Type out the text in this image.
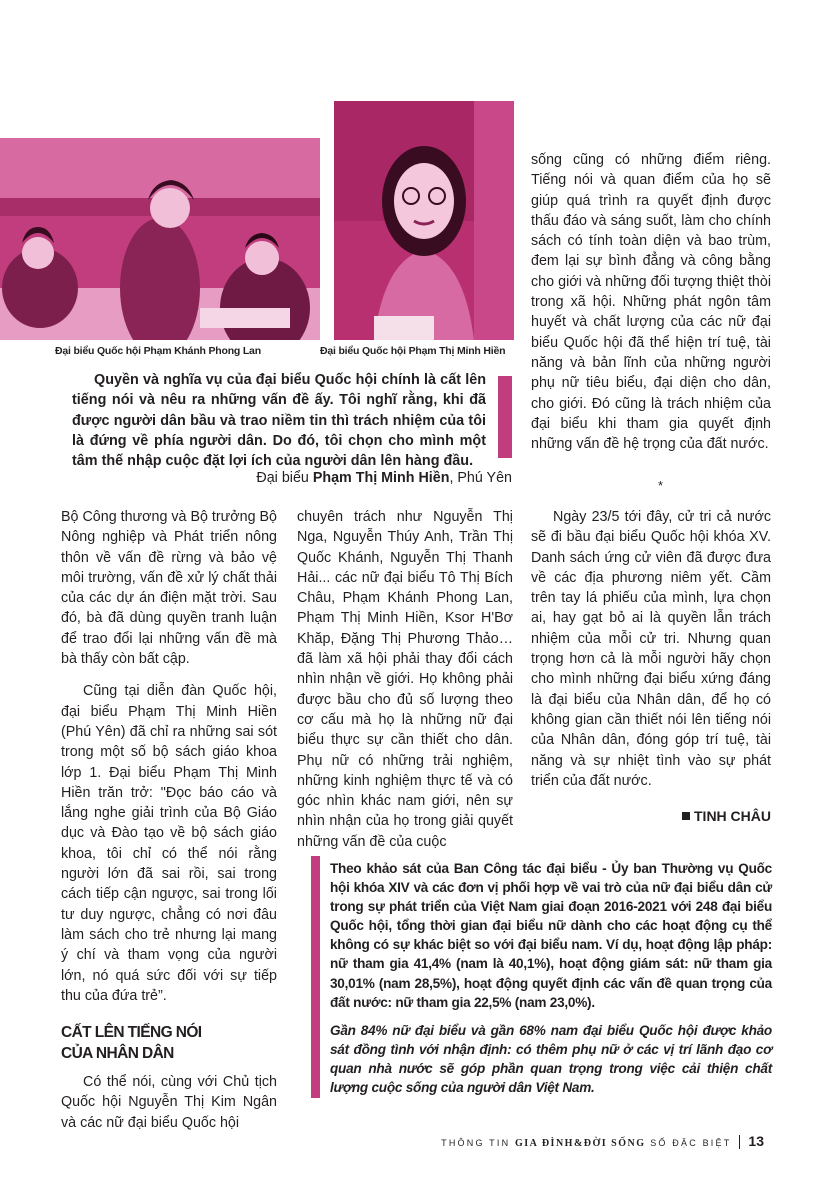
Đại biểu Quốc hội Phạm Khánh Phong Lan	Đại biểu Quốc hội Phạm Thị Minh Hiền

Quyền và nghĩa vụ của đại biểu Quốc hội chính là cất lên tiếng nói và nêu ra những vấn đề ấy. Tôi nghĩ rằng, khi đã được người dân bầu và trao niềm tin thì trách nhiệm của tôi là đứng về phía người dân. Do đó, tôi chọn cho mình một tâm thế nhập cuộc đặt lợi ích của người dân lên hàng đầu.

Đại biểu Phạm Thị Minh Hiền, Phú Yên

sống cũng có những điểm riêng. Tiếng nói và quan điểm của họ sẽ giúp quá trình ra quyết định được thấu đáo và sáng suốt, làm cho chính sách có tính toàn diện và bao trùm, đem lại sự bình đẳng và công bằng cho giới và những đối tượng thiệt thòi trong xã hội. Những phát ngôn tâm huyết và chất lượng của các nữ đại biểu Quốc hội đã thể hiện trí tuệ, tài năng và bản lĩnh của những người phụ nữ tiêu biểu, đại diện cho dân, cho giới. Đó cũng là trách nhiệm của đại biểu khi tham gia quyết định những vấn đề hệ trọng của đất nước.

*

Bộ Công thương và Bộ trưởng Bộ Nông nghiệp và Phát triển nông thôn về vấn đề rừng và bảo vệ môi trường, vấn đề xử lý chất thải của các dự án điện mặt trời. Sau đó, bà đã dùng quyền tranh luận để trao đổi lại những vấn đề mà bà thấy còn bất cập.

Cũng tại diễn đàn Quốc hội, đại biểu Phạm Thị Minh Hiền (Phú Yên) đã chỉ ra những sai sót trong một số bộ sách giáo khoa lớp 1. Đại biểu Phạm Thị Minh Hiền trăn trở: "Đọc báo cáo và lắng nghe giải trình của Bộ Giáo dục và Đào tạo về bộ sách giáo khoa, tôi chỉ có thể nói rằng người lớn đã sai rồi, sai trong cách tiếp cận ngược, sai trong lối tư duy ngược, chẳng có nơi đâu làm sách cho trẻ nhưng lại mang ý chí và tham vọng của người lớn, nó quá sức đối với sự tiếp thu của đứa trẻ”.

CẤT LÊN TIẾNG NÓI

CỦA NHÂN DÂN

Có thể nói, cùng với Chủ tịch Quốc hội Nguyễn Thị Kim Ngân và các nữ đại biểu Quốc hội

chuyên trách như Nguyễn Thị Nga, Nguyễn Thúy Anh, Trần Thị Quốc Khánh, Nguyễn Thị Thanh Hải... các nữ đại biểu Tô Thị Bích Châu, Phạm Khánh Phong Lan, Phạm Thị Minh Hiền, Ksor H'Bơ Khăp, Đặng Thị Phương Thảo… đã làm xã hội phải thay đổi cách nhìn nhận về giới. Họ không phải được bầu cho đủ số lượng theo cơ cấu mà họ là những nữ đại biểu thực sự cần thiết cho dân. Phụ nữ có những trải nghiệm, những kinh nghiệm thực tế và có góc nhìn khác nam giới, nên sự nhìn nhận của họ trong giải quyết những vấn đề của cuộc

Ngày 23/5 tới đây, cử tri cả nước sẽ đi bầu đại biểu Quốc hội khóa XV. Danh sách ứng cử viên đã được đưa về các địa phương niêm yết. Cầm trên tay lá phiếu của mình, lựa chọn ai, hay gạt bỏ ai là quyền lẫn trách nhiệm của mỗi cử tri. Nhưng quan trọng hơn cả là mỗi người hãy chọn cho mình những đại biểu xứng đáng là đại biểu của Nhân dân, để họ có không gian cần thiết nói lên tiếng nói của Nhân dân, đóng góp trí tuệ, tài năng và sự nhiệt tình vào sự phát triển của đất nước.

TINH CHÂU

Theo khảo sát của Ban Công tác đại biểu - Ủy ban Thường vụ Quốc hội khóa XIV và các đơn vị phối hợp về vai trò của nữ đại biểu dân cử trong sự phát triển của Việt Nam giai đoạn 2016-2021 với 248 đại biểu Quốc hội, tổng thời gian đại biểu nữ dành cho các hoạt động cụ thể không có sự khác biệt so với đại biểu nam. Ví dụ, hoạt động lập pháp: nữ tham gia 41,4% (nam là 40,1%), hoạt động giám sát: nữ tham gia 30,01% (nam 28,5%), hoạt động quyết định các vấn đề quan trọng của đất nước: nữ tham gia 22,5% (nam 23,0%).

Gần 84% nữ đại biểu và gần 68% nam đại biểu Quốc hội được khảo sát đồng tình với nhận định: có thêm phụ nữ ở các vị trí lãnh đạo cơ quan nhà nước sẽ góp phần quan trọng trong việc cải thiện chất lượng cuộc sống của người dân Việt Nam.

THÔNG TIN GIA ĐÌNH&ĐỜI SỐNG SỐ ĐẶC BIỆT 13
